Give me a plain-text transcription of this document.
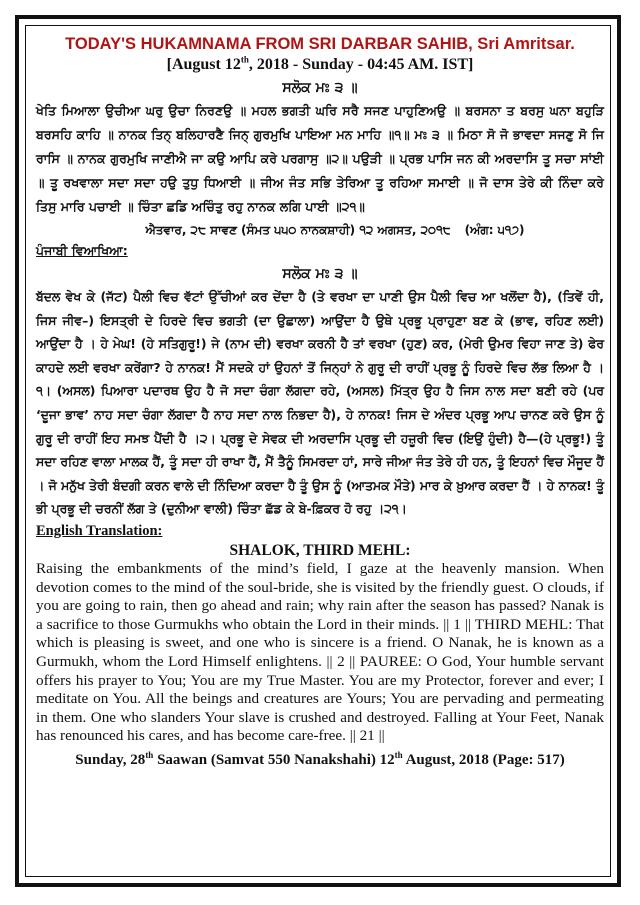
TODAY'S HUKAMNAMA FROM SRI DARBAR SAHIB, Sri Amritsar.
[August 12th, 2018 - Sunday - 04:45 AM. IST]
ਸਲੋਕ ਮਃ ੩ ॥
ਖੇਤਿ ਮਿਆਲਾ ਉਚੀਆ ਘਰੁ ਉਚਾ ਨਿਰਣਉ ॥ ਮਹਲ ਭਗਤੀ ਘਰਿ ਸਰੈ ਸਜਣ ਪਾਹੁਣਿਅਉ ॥ ਬਰਸਨਾ ਤ ਬਰਸੁ ਘਨਾ ਬਹੁੜਿ ਬਰਸਹਿ ਕਾਹਿ ॥ ਨਾਨਕ ਤਿਨ੍ ਬਲਿਹਾਰਣੈ ਜਿਨ੍ ਗੁਰਮੁਖਿ ਪਾਇਆ ਮਨ ਮਾਹਿ ॥੧॥ ਮਃ ੩ ॥ ਮਿਠਾ ਸੋ ਜੋ ਭਾਵਦਾ ਸਜਣੁ ਸੋ ਜਿ ਰਾਸਿ ॥ ਨਾਨਕ ਗੁਰਮੁਖਿ ਜਾਣੀਐ ਜਾ ਕਉ ਆਪਿ ਕਰੇ ਪਰਗਾਸੁ ॥੨॥ ਪਉੜੀ ॥ ਪ੍ਰਭ ਪਾਸਿ ਜਨ ਕੀ ਅਰਦਾਸਿ ਤੂ ਸਚਾ ਸਾਂਈ ॥ ਤੂ ਰਖਵਾਲਾ ਸਦਾ ਸਦਾ ਹਉ ਤੁਧੁ ਧਿਆਈ ॥ ਜੀਅ ਜੰਤ ਸਭਿ ਤੇਰਿਆ ਤੂ ਰਹਿਆ ਸਮਾਈ ॥ ਜੋ ਦਾਸ ਤੇਰੇ ਕੀ ਨਿੰਦਾ ਕਰੇ ਤਿਸੁ ਮਾਰਿ ਪਚਾਈ ॥ ਚਿੰਤਾ ਛਡਿ ਅਚਿੰਤੁ ਰਹੁ ਨਾਨਕ ਲਗਿ ਪਾਈ ॥੨੧॥
ਐਤਵਾਰ, ੨੮ ਸਾਵਣ (ਸੰਮਤ ੫੫੦ ਨਾਨਕਸ਼ਾਹੀ) ੧੨ ਅਗਸਤ, ੨੦੧੮ (ਅੰਗ: ੫੧੭)
ਪੰਜਾਬੀ ਵਿਆਖਿਆ:
ਸਲੋਕ ਮਃ ੩ ॥
ਬੱਦਲ ਵੇਖ ਕੇ (ਜੱਟ) ਪੈਲੀ ਵਿਚ ਵੱਟਾਂ ਉੱਚੀਆਂ ਕਰ ਦੇਂਦਾ ਹੈ (ਤੇ ਵਰਖਾ ਦਾ ਪਾਣੀ ਉਸ ਪੈਲੀ ਵਿਚ ਆ ਖਲੋਂਦਾ ਹੈ), (ਤਿਵੇਂ ਹੀ, ਜਿਸ ਜੀਵ–) ਇਸਤ੍ਰੀ ਦੇ ਹਿਰਦੇ ਵਿਚ ਭਗਤੀ (ਦਾ ਉਛਾਲਾ) ਆਉਂਦਾ ਹੈ ਉਥੇ ਪ੍ਰਭੂ ਪ੍ਰਾਹੁਣਾ ਬਣ ਕੇ (ਭਾਵ, ਰਹਿਣ ਲਈ) ਆਉਂਦਾ ਹੈ । ਹੇ ਮੇਘ! (ਹੇ ਸਤਿਗੁਰੂ!) ਜੇ (ਨਾਮ ਦੀ) ਵਰਖਾ ਕਰਨੀ ਹੈ ਤਾਂ ਵਰਖਾ (ਹੁਣ) ਕਰ, (ਮੇਰੀ ਉਮਰ ਵਿਹਾ ਜਾਣ ਤੇ) ਫੇਰ ਕਾਹਦੇ ਲਈ ਵਰਖਾ ਕਰੇਂਗਾ? ਹੇ ਨਾਨਕ! ਮੈਂ ਸਦਕੇ ਹਾਂ ਉਹਨਾਂ ਤੋਂ ਜਿਨ੍ਹਾਂ ਨੇ ਗੁਰੂ ਦੀ ਰਾਹੀਂ ਪ੍ਰਭੂ ਨੂੰ ਹਿਰਦੇ ਵਿਚ ਲੱਭ ਲਿਆ ਹੈ ।੧। (ਅਸਲ) ਪਿਆਰਾ ਪਦਾਰਥ ਉਹ ਹੈ ਜੋ ਸਦਾ ਚੰਗਾ ਲੱਗਦਾ ਰਹੇ, (ਅਸਲ) ਮਿੱਤ੍ਰ ਉਹ ਹੈ ਜਿਸ ਨਾਲ ਸਦਾ ਬਣੀ ਰਹੇ (ਪਰ ‘ਦੂਜਾ ਭਾਵ’ ਨਾਹ ਸਦਾ ਚੰਗਾ ਲੱਗਦਾ ਹੈ ਨਾਹ ਸਦਾ ਨਾਲ ਨਿਭਦਾ ਹੈ), ਹੇ ਨਾਨਕ! ਜਿਸ ਦੇ ਅੰਦਰ ਪ੍ਰਭੂ ਆਪ ਚਾਨਣ ਕਰੇ ਉਸ ਨੂੰ ਗੁਰੂ ਦੀ ਰਾਹੀਂ ਇਹ ਸਮਝ ਪੈਂਦੀ ਹੈ ।੨। ਪ੍ਰਭੂ ਦੇ ਸੇਵਕ ਦੀ ਅਰਦਾਸਿ ਪ੍ਰਭੂ ਦੀ ਹਜ਼ੂਰੀ ਵਿਚ (ਇਉਂ ਹੁੰਦੀ) ਹੈ—(ਹੇ ਪ੍ਰਭੂ!) ਤੂੰ ਸਦਾ ਰਹਿਣ ਵਾਲਾ ਮਾਲਕ ਹੈਂ, ਤੂੰ ਸਦਾ ਹੀ ਰਾਖਾ ਹੈਂ, ਮੈਂ ਤੈਨੂੰ ਸਿਮਰਦਾ ਹਾਂ, ਸਾਰੇ ਜੀਆ ਜੰਤ ਤੇਰੇ ਹੀ ਹਨ, ਤੂੰ ਇਹਨਾਂ ਵਿਚ ਮੌਜੂਦ ਹੈਂ । ਜੋ ਮਨੁੱਖ ਤੇਰੀ ਬੰਦਗੀ ਕਰਨ ਵਾਲੇ ਦੀ ਨਿੰਦਿਆ ਕਰਦਾ ਹੈ ਤੂੰ ਉਸ ਨੂੰ (ਆਤਮਕ ਮੌਤੇ) ਮਾਰ ਕੇ ਖ਼ੁਆਰ ਕਰਦਾ ਹੈਂ । ਹੇ ਨਾਨਕ! ਤੂੰ ਭੀ ਪ੍ਰਭੂ ਦੀ ਚਰਨੀਂ ਲੱਗ ਤੇ (ਦੁਨੀਆ ਵਾਲੀ) ਚਿੰਤਾ ਛੱਡ ਕੇ ਬੇ-ਫ਼ਿਕਰ ਹੋ ਰਹੁ ।੨੧।
English Translation:
SHALOK, THIRD MEHL:
Raising the embankments of the mind’s field, I gaze at the heavenly mansion. When devotion comes to the mind of the soul-bride, she is visited by the friendly guest. O clouds, if you are going to rain, then go ahead and rain; why rain after the season has passed? Nanak is a sacrifice to those Gurmukhs who obtain the Lord in their minds. || 1 || THIRD MEHL: That which is pleasing is sweet, and one who is sincere is a friend. O Nanak, he is known as a Gurmukh, whom the Lord Himself enlightens. || 2 || PAUREE: O God, Your humble servant offers his prayer to You; You are my True Master. You are my Protector, forever and ever; I meditate on You. All the beings and creatures are Yours; You are pervading and permeating in them. One who slanders Your slave is crushed and destroyed. Falling at Your Feet, Nanak has renounced his cares, and has become care-free. || 21 ||
Sunday, 28th Saawan (Samvat 550 Nanakshahi) 12th August, 2018 (Page: 517)
